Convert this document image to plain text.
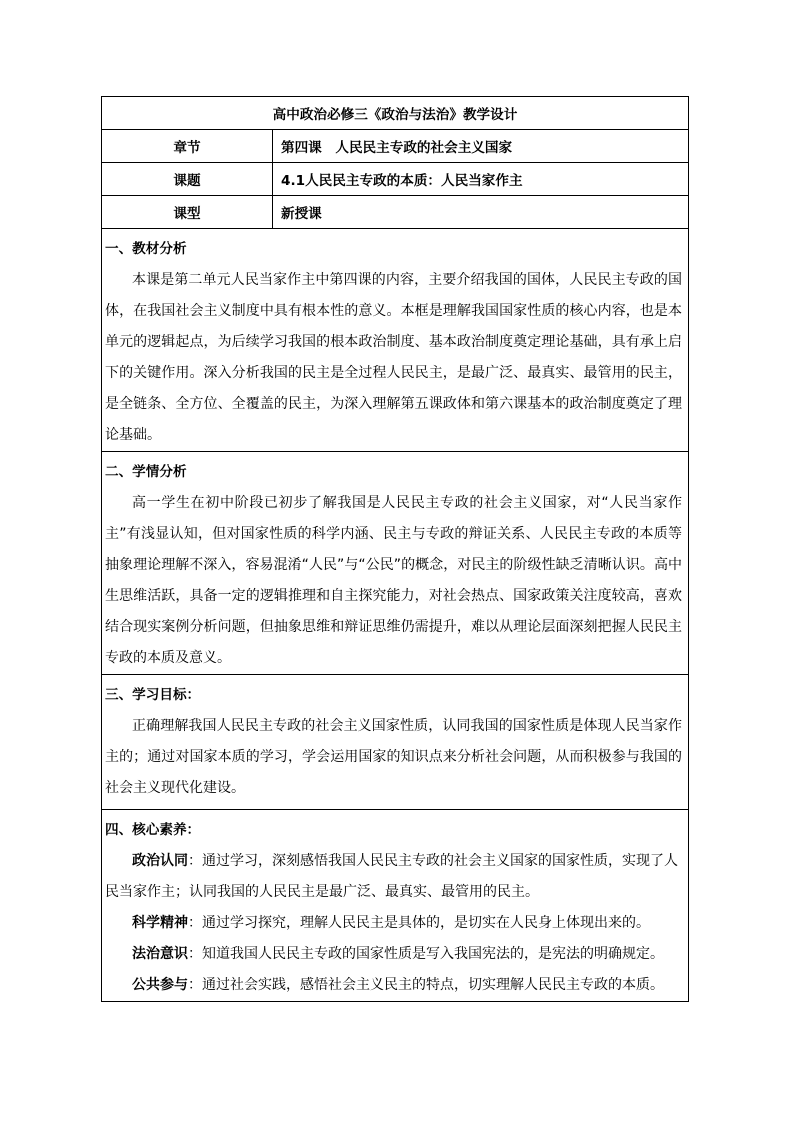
高中政治必修三《政治与法治》教学设计	
章节	第四课　人民民主专政的社会主义国家
课题	4.1人民民主专政的本质：人民当家作主
课型	新授课

一、教材分析

本课是第二单元人民当家作主中第四课的内容，主要介绍我国的国体，人民民主专政的国体，在我国社会主义制度中具有根本性的意义。本框是理解我国国家性质的核心内容，也是本单元的逻辑起点，为后续学习我国的根本政治制度、基本政治制度奠定理论基础，具有承上启下的关键作用。深入分析我国的民主是全过程人民民主，是最广泛、最真实、最管用的民主，是全链条、全方位、全覆盖的民主，为深入理解第五课政体和第六课基本的政治制度奠定了理论基础。	

二、学情分析

高一学生在初中阶段已初步了解我国是人民民主专政的社会主义国家，对“人民当家作主”有浅显认知，但对国家性质的科学内涵、民主与专政的辩证关系、人民民主专政的本质等抽象理论理解不深入，容易混淆“人民”与“公民”的概念，对民主的阶级性缺乏清晰认识。高中生思维活跃，具备一定的逻辑推理和自主探究能力，对社会热点、国家政策关注度较高，喜欢结合现实案例分析问题，但抽象思维和辩证思维仍需提升，难以从理论层面深刻把握人民民主专政的本质及意义。	

三、学习目标：

正确理解我国人民民主专政的社会主义国家性质，认同我国的国家性质是体现人民当家作主的；通过对国家本质的学习，学会运用国家的知识点来分析社会问题，从而积极参与我国的社会主义现代化建设。	

四、核心素养：

政治认同：通过学习，深刻感悟我国人民民主专政的社会主义国家的国家性质，实现了人民当家作主；认同我国的人民民主是最广泛、最真实、最管用的民主。

科学精神：通过学习探究，理解人民民主是具体的，是切实在人民身上体现出来的。

法治意识：知道我国人民民主专政的国家性质是写入我国宪法的，是宪法的明确规定。

公共参与：通过社会实践，感悟社会主义民主的特点，切实理解人民民主专政的本质。	
